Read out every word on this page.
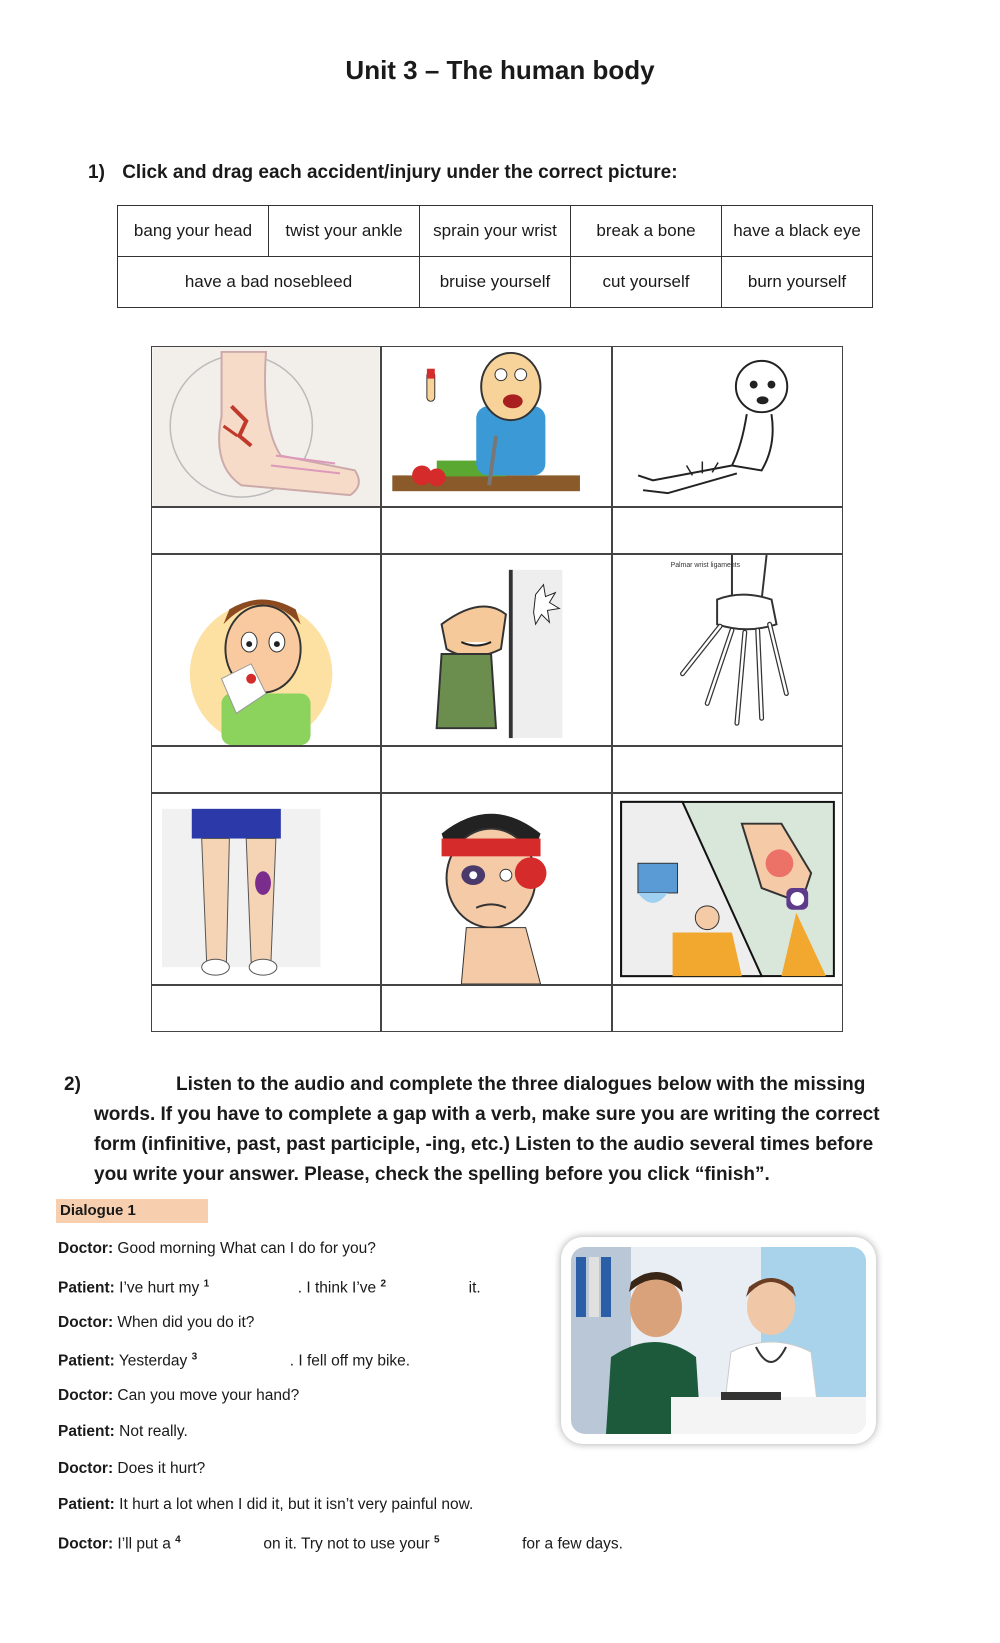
Unit 3 – The human body
1) Click and drag each accident/injury under the correct picture:
bang your head	twist your ankle	sprain your wrist	break a bone	have a black eye
have a bad nosebleed		bruise yourself	cut yourself	burn yourself
Palmar wrist ligaments
2)	Listen to the audio and complete the three dialogues below with the missing
words. If you have to complete a gap with a verb, make sure you are writing the correct
form (infinitive, past, past participle, -ing, etc.) Listen to the audio several times before
you write your answer. Please, check the spelling before you click “finish”.
Dialogue 1
Doctor: Good morning What can I do for you?
Patient: I’ve hurt my $^1$	. I think I’ve $^2$	it.
Doctor: When did you do it?
Patient: Yesterday $^3$	. I fell off my bike.
Doctor: Can you move your hand?
Patient: Not really.
Doctor: Does it hurt?
Patient: It hurt a lot when I did it, but it isn’t very painful now.
Doctor: I’ll put a $^4$	on it. Try not to use your $^5$	for a few days.
